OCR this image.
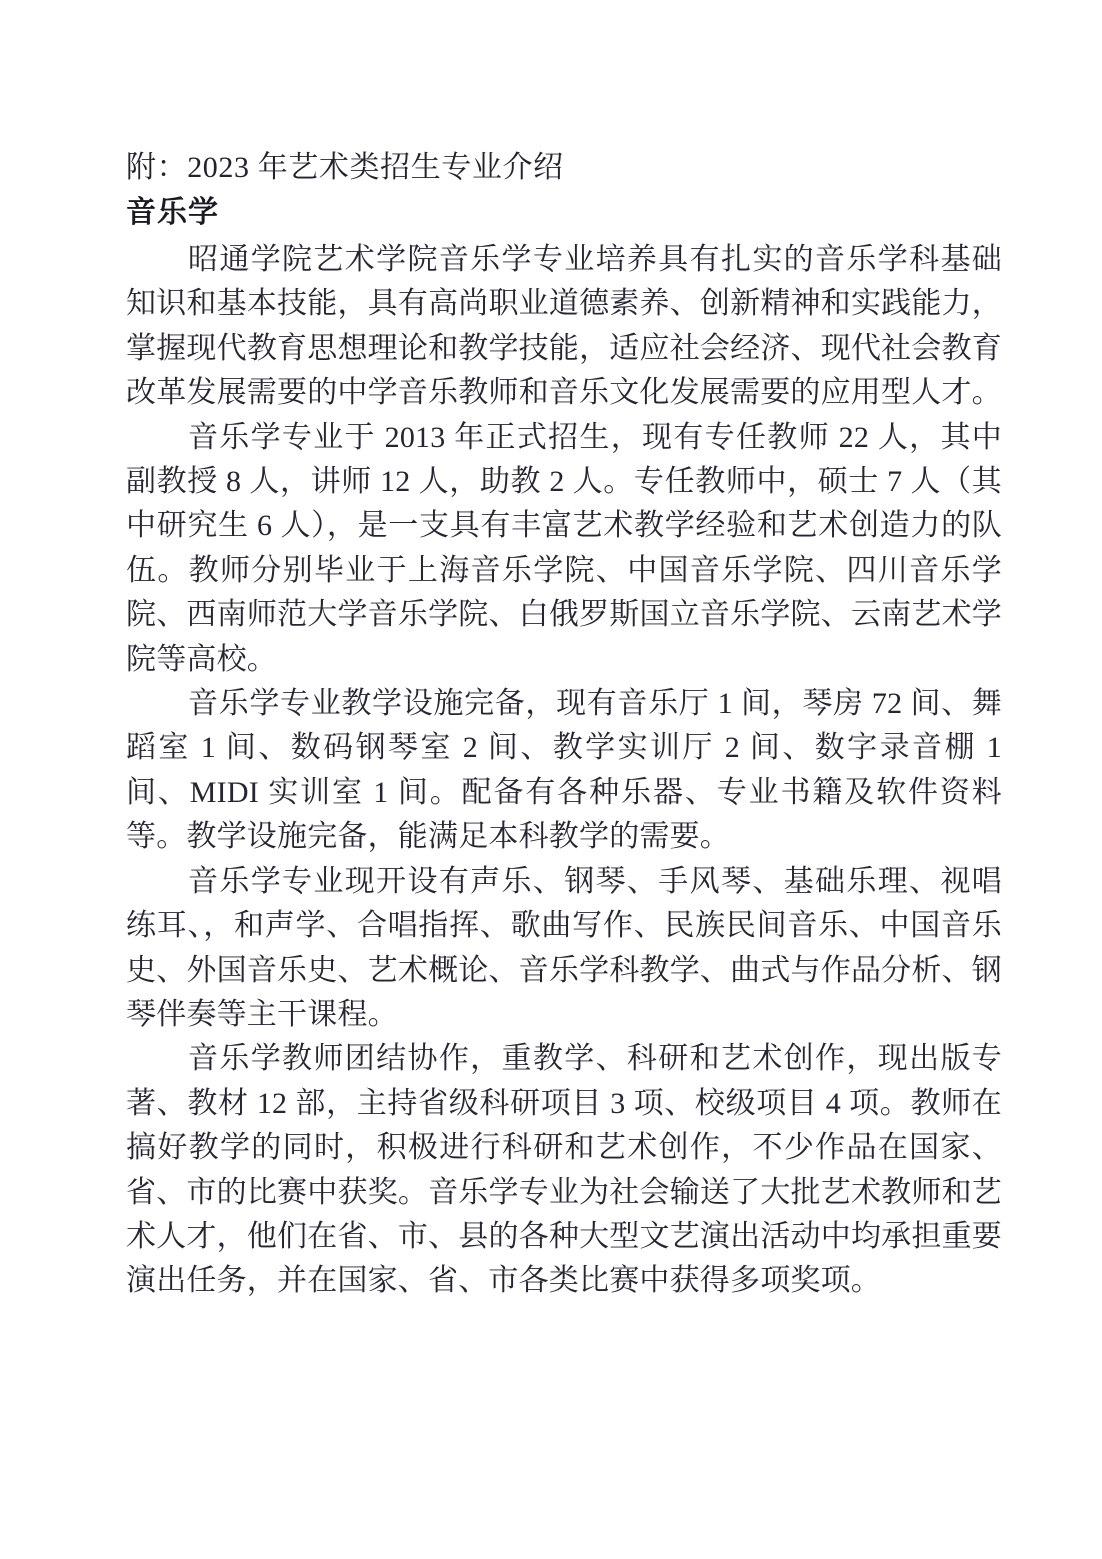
附：2023 年艺术类招生专业介绍

音乐学

昭通学院艺术学院音乐学专业培养具有扎实的音乐学科基础知识和基本技能，具有高尚职业道德素养、创新精神和实践能力，掌握现代教育思想理论和教学技能，适应社会经济、现代社会教育改革发展需要的中学音乐教师和音乐文化发展需要的应用型人才。

音乐学专业于 2013 年正式招生，现有专任教师 22 人，其中副教授 8 人，讲师 12 人，助教 2 人。专任教师中，硕士 7 人（其中研究生 6 人），是一支具有丰富艺术教学经验和艺术创造力的队伍。教师分别毕业于上海音乐学院、中国音乐学院、四川音乐学院、西南师范大学音乐学院、白俄罗斯国立音乐学院、云南艺术学院等高校。

音乐学专业教学设施完备，现有音乐厅 1 间，琴房 72 间、舞蹈室 1 间、数码钢琴室 2 间、教学实训厅 2 间、数字录音棚 1 间、MIDI 实训室 1 间。配备有各种乐器、专业书籍及软件资料等。教学设施完备，能满足本科教学的需要。

音乐学专业现开设有声乐、钢琴、手风琴、基础乐理、视唱练耳、，和声学、合唱指挥、歌曲写作、民族民间音乐、中国音乐史、外国音乐史、艺术概论、音乐学科教学、曲式与作品分析、钢琴伴奏等主干课程。

音乐学教师团结协作，重教学、科研和艺术创作，现出版专著、教材 12 部，主持省级科研项目 3 项、校级项目 4 项。教师在搞好教学的同时，积极进行科研和艺术创作，不少作品在国家、省、市的比赛中获奖。音乐学专业为社会输送了大批艺术教师和艺术人才，他们在省、市、县的各种大型文艺演出活动中均承担重要演出任务，并在国家、省、市各类比赛中获得多项奖项。
